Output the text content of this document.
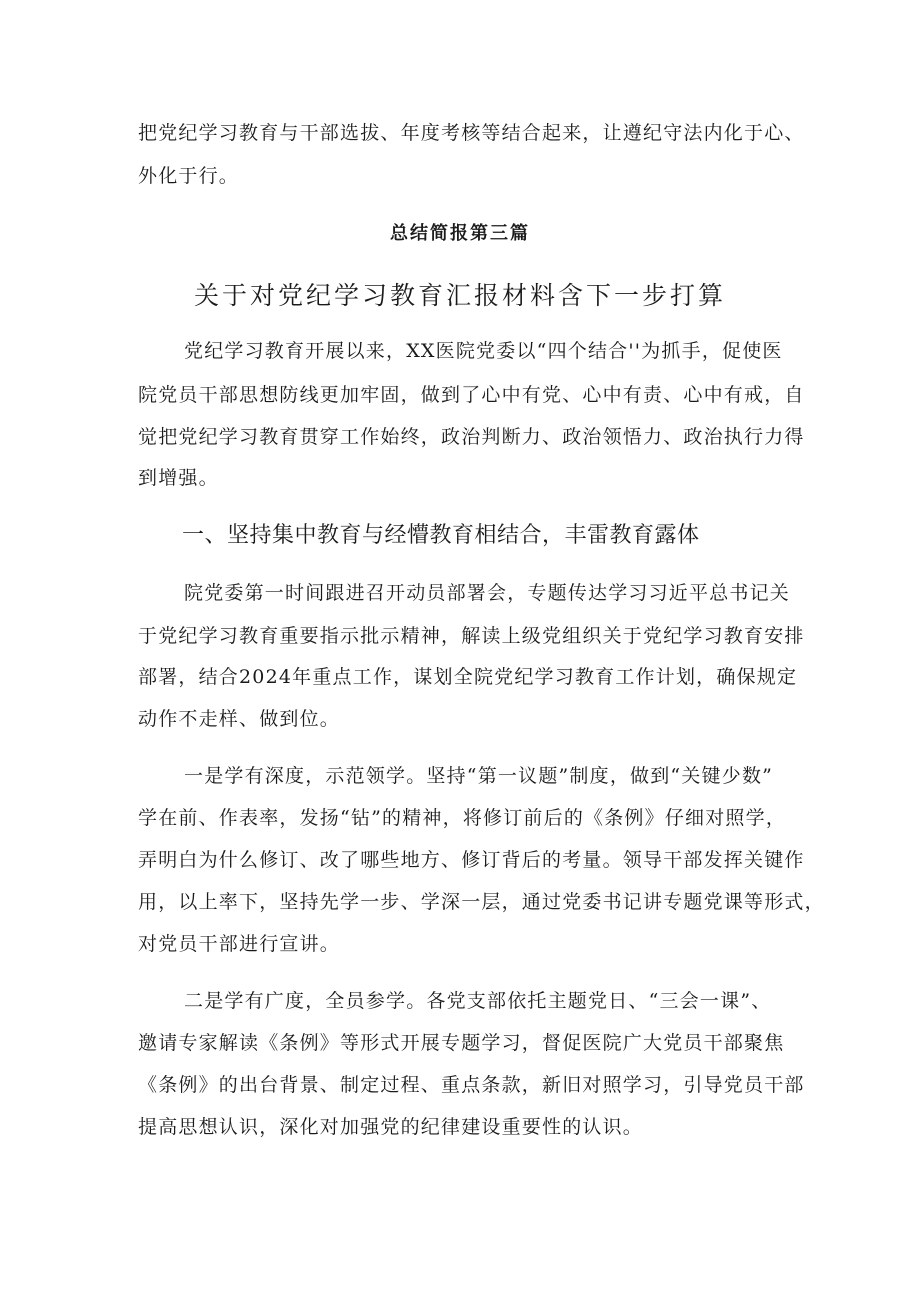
把党纪学习教育与干部选拔、年度考核等结合起来，让遵纪守法内化于心、
外化于行。
总结简报第三篇
关于对党纪学习教育汇报材料含下一步打算
党纪学习教育开展以来，XX医院党委以“四个结合''为抓手，促使医
院党员干部思想防线更加牢固，做到了心中有党、心中有责、心中有戒，自
觉把党纪学习教育贯穿工作始终，政治判断力、政治领悟力、政治执行力得
到增强。
一、坚持集中教育与经懵教育相结合，丰雷教育露体
院党委第一时间跟进召开动员部署会，专题传达学习习近平总书记关
于党纪学习教育重要指示批示精神，解读上级党组织关于党纪学习教育安排
部署，结合2024年重点工作，谋划全院党纪学习教育工作计划，确保规定
动作不走样、做到位。
一是学有深度，示范领学。坚持“第一议题”制度，做到“关键少数”
学在前、作表率，发扬“钻”的精神，将修订前后的《条例》仔细对照学，
弄明白为什么修订、改了哪些地方、修订背后的考量。领导干部发挥关键作
用，以上率下，坚持先学一步、学深一层，通过党委书记讲专题党课等形式，
对党员干部进行宣讲。
二是学有广度，全员参学。各党支部依托主题党日、“三会一课”、
邀请专家解读《条例》等形式开展专题学习，督促医院广大党员干部聚焦
《条例》的出台背景、制定过程、重点条款，新旧对照学习，引导党员干部
提高思想认识，深化对加强党的纪律建设重要性的认识。
